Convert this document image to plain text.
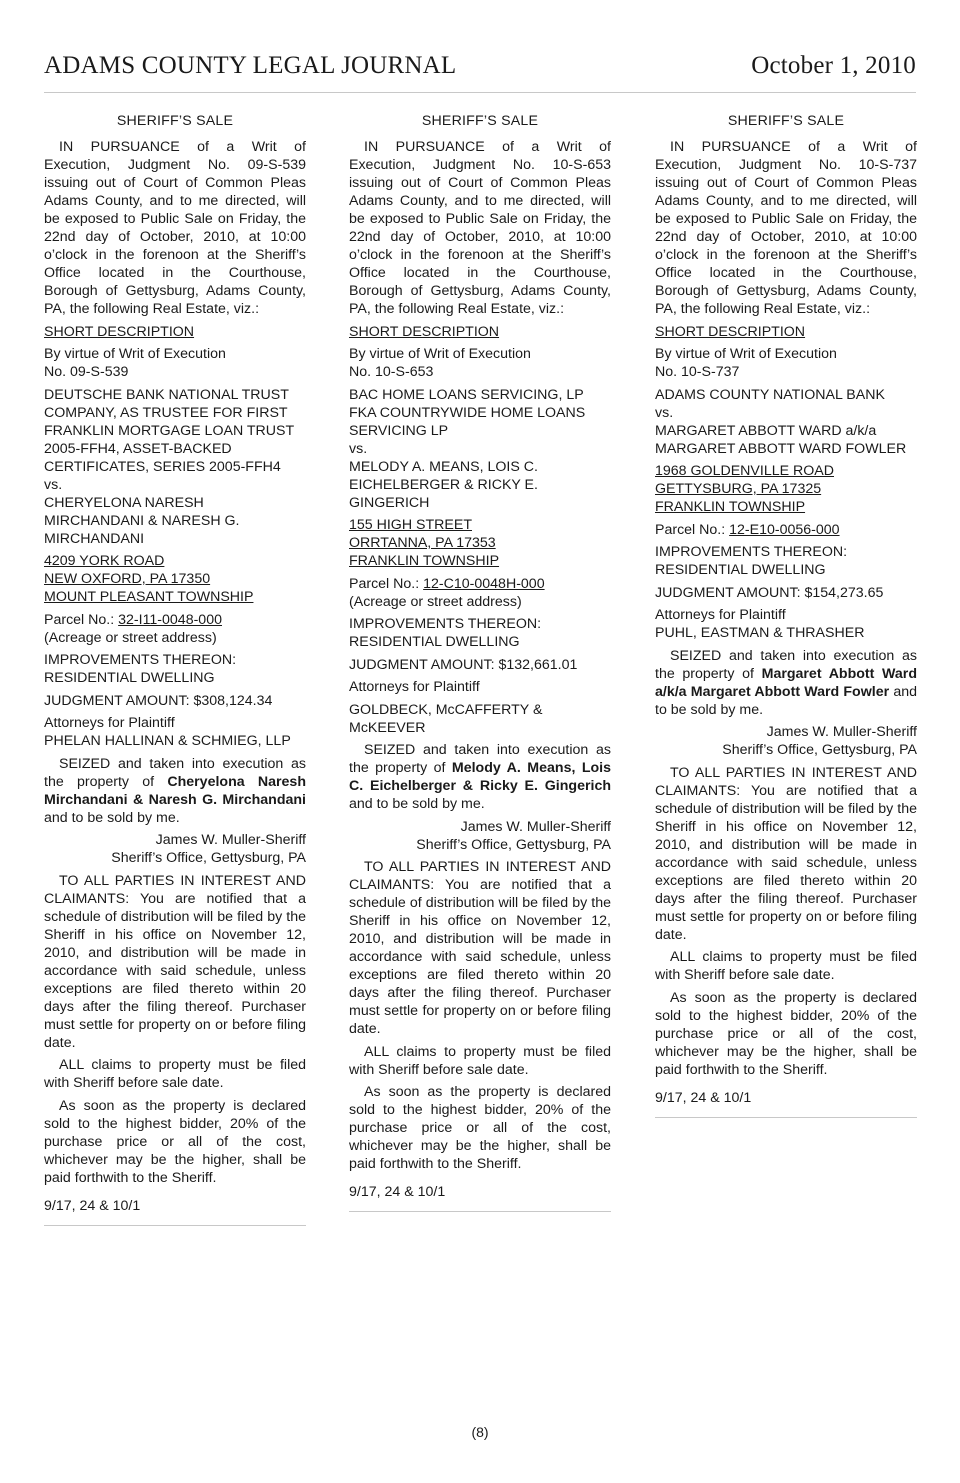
ADAMS COUNTY LEGAL JOURNAL	October 1, 2010

SHERIFF’S SALE

IN PURSUANCE of a Writ of Execution, Judgment No. 09-S-539 issuing out of Court of Common Pleas Adams County, and to me directed, will be exposed to Public Sale on Friday, the 22nd day of October, 2010, at 10:00 o’clock in the forenoon at the Sheriff’s Office located in the Courthouse, Borough of Gettysburg, Adams County, PA, the following Real Estate, viz.:

SHORT DESCRIPTION

By virtue of Writ of Execution
No. 09-S-539

DEUTSCHE BANK NATIONAL TRUST
COMPANY, AS TRUSTEE FOR FIRST
FRANKLIN MORTGAGE LOAN TRUST
2005-FFH4, ASSET-BACKED
CERTIFICATES, SERIES 2005-FFH4
vs.
CHERYELONA NARESH
MIRCHANDANI & NARESH G.
MIRCHANDANI

4209 YORK ROAD
NEW OXFORD, PA 17350
MOUNT PLEASANT TOWNSHIP

Parcel No.: 32-I11-0048-000
(Acreage or street address)

IMPROVEMENTS THEREON:
RESIDENTIAL DWELLING

JUDGMENT AMOUNT: $308,124.34

Attorneys for Plaintiff
PHELAN HALLINAN & SCHMIEG, LLP

SEIZED and taken into execution as the property of Cheryelona Naresh Mirchandani & Naresh G. Mirchandani and to be sold by me.

James W. Muller-Sheriff

Sheriff’s Office, Gettysburg, PA

TO ALL PARTIES IN INTEREST AND CLAIMANTS: You are notified that a schedule of distribution will be filed by the Sheriff in his office on November 12, 2010, and distribution will be made in accordance with said schedule, unless exceptions are filed thereto within 20 days after the filing thereof. Purchaser must settle for property on or before filing date.

ALL claims to property must be filed with Sheriff before sale date.

As soon as the property is declared sold to the highest bidder, 20% of the purchase price or all of the cost, whichever may be the higher, shall be paid forthwith to the Sheriff.

9/17, 24 & 10/1

SHERIFF’S SALE

IN PURSUANCE of a Writ of Execution, Judgment No. 10-S-653 issuing out of Court of Common Pleas Adams County, and to me directed, will be exposed to Public Sale on Friday, the 22nd day of October, 2010, at 10:00 o’clock in the forenoon at the Sheriff’s Office located in the Courthouse, Borough of Gettysburg, Adams County, PA, the following Real Estate, viz.:

SHORT DESCRIPTION

By virtue of Writ of Execution
No. 10-S-653

BAC HOME LOANS SERVICING, LP
FKA COUNTRYWIDE HOME LOANS
SERVICING LP
vs.
MELODY A. MEANS, LOIS C.
EICHELBERGER & RICKY E.
GINGERICH

155 HIGH STREET
ORRTANNA, PA 17353
FRANKLIN TOWNSHIP

Parcel No.: 12-C10-0048H-000
(Acreage or street address)

IMPROVEMENTS THEREON:
RESIDENTIAL DWELLING

JUDGMENT AMOUNT: $132,661.01

Attorneys for Plaintiff

GOLDBECK, McCAFFERTY & McKEEVER

SEIZED and taken into execution as the property of Melody A. Means, Lois C. Eichelberger & Ricky E. Gingerich and to be sold by me.

James W. Muller-Sheriff

Sheriff’s Office, Gettysburg, PA

TO ALL PARTIES IN INTEREST AND CLAIMANTS: You are notified that a schedule of distribution will be filed by the Sheriff in his office on November 12, 2010, and distribution will be made in accordance with said schedule, unless exceptions are filed thereto within 20 days after the filing thereof. Purchaser must settle for property on or before filing date.

ALL claims to property must be filed with Sheriff before sale date.

As soon as the property is declared sold to the highest bidder, 20% of the purchase price or all of the cost, whichever may be the higher, shall be paid forthwith to the Sheriff.

9/17, 24 & 10/1

SHERIFF’S SALE

IN PURSUANCE of a Writ of Execution, Judgment No. 10-S-737 issuing out of Court of Common Pleas Adams County, and to me directed, will be exposed to Public Sale on Friday, the 22nd day of October, 2010, at 10:00 o’clock in the forenoon at the Sheriff’s Office located in the Courthouse, Borough of Gettysburg, Adams County, PA, the following Real Estate, viz.:

SHORT DESCRIPTION

By virtue of Writ of Execution
No. 10-S-737

ADAMS COUNTY NATIONAL BANK
vs.
MARGARET ABBOTT WARD a/k/a
MARGARET ABBOTT WARD FOWLER

1968 GOLDENVILLE ROAD
GETTYSBURG, PA 17325
FRANKLIN TOWNSHIP

Parcel No.: 12-E10-0056-000

IMPROVEMENTS THEREON:
RESIDENTIAL DWELLING

JUDGMENT AMOUNT: $154,273.65

Attorneys for Plaintiff
PUHL, EASTMAN & THRASHER

SEIZED and taken into execution as the property of Margaret Abbott Ward a/k/a Margaret Abbott Ward Fowler and to be sold by me.

James W. Muller-Sheriff

Sheriff’s Office, Gettysburg, PA

TO ALL PARTIES IN INTEREST AND CLAIMANTS: You are notified that a schedule of distribution will be filed by the Sheriff in his office on November 12, 2010, and distribution will be made in accordance with said schedule, unless exceptions are filed thereto within 20 days after the filing thereof. Purchaser must settle for property on or before filing date.

ALL claims to property must be filed with Sheriff before sale date.

As soon as the property is declared sold to the highest bidder, 20% of the purchase price or all of the cost, whichever may be the higher, shall be paid forthwith to the Sheriff.

9/17, 24 & 10/1

(8)
